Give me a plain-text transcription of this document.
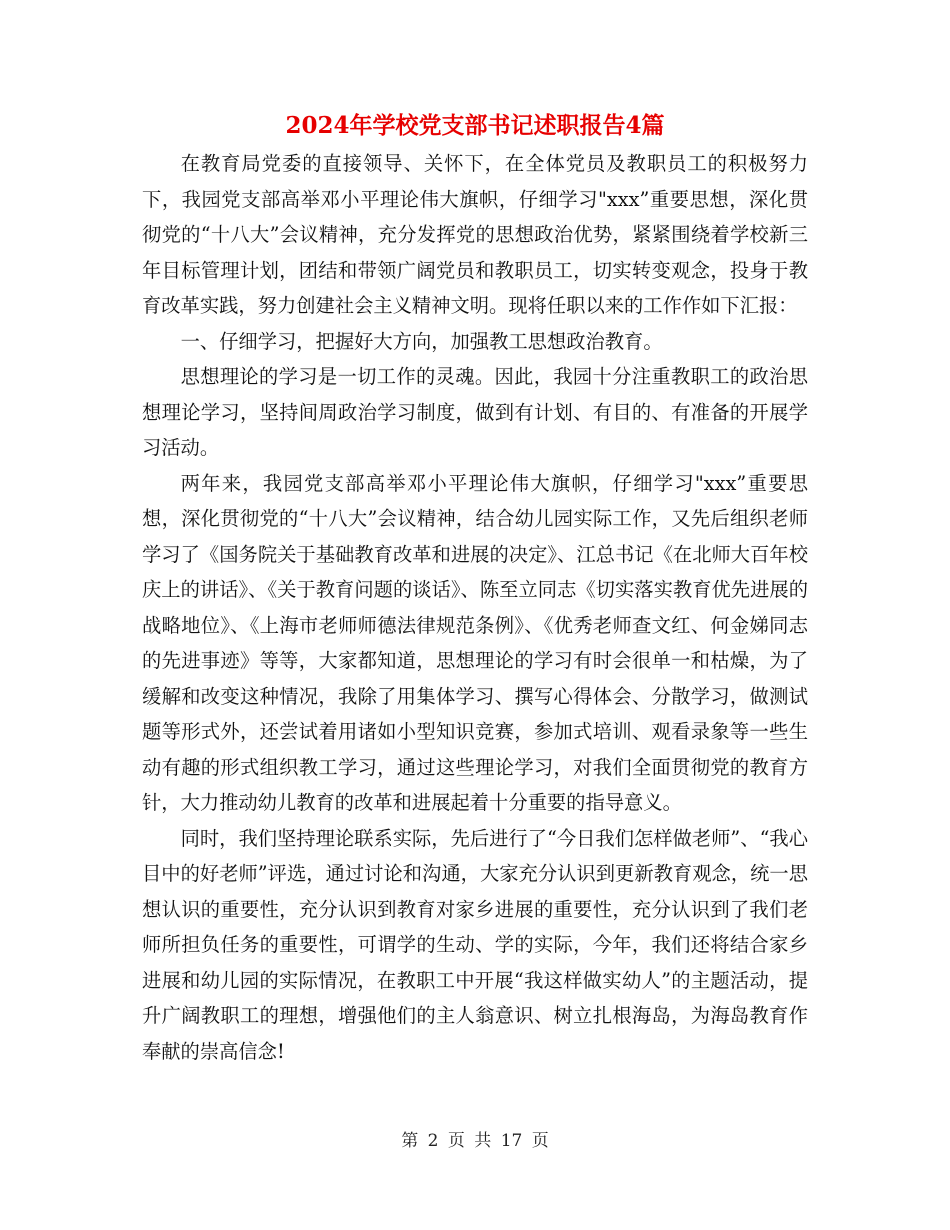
2024年学校党支部书记述职报告4篇

在教育局党委的直接领导、关怀下，在全体党员及教职员工的积极努力下，我园党支部高举邓小平理论伟大旗帜，仔细学习"xxx”重要思想，深化贯彻党的“十八大”会议精神，充分发挥党的思想政治优势，紧紧围绕着学校新三年目标管理计划，团结和带领广阔党员和教职员工，切实转变观念，投身于教育改革实践，努力创建社会主义精神文明。现将任职以来的工作作如下汇报：

一、仔细学习，把握好大方向，加强教工思想政治教育。

思想理论的学习是一切工作的灵魂。因此，我园十分注重教职工的政治思想理论学习，坚持间周政治学习制度，做到有计划、有目的、有准备的开展学习活动。

两年来，我园党支部高举邓小平理论伟大旗帜，仔细学习"xxx”重要思想，深化贯彻党的“十八大”会议精神，结合幼儿园实际工作，又先后组织老师学习了《国务院关于基础教育改革和进展的决定》、江总书记《在北师大百年校庆上的讲话》、《关于教育问题的谈话》、陈至立同志《切实落实教育优先进展的战略地位》、《上海市老师师德法律规范条例》、《优秀老师查文红、何金娣同志的先进事迹》等等，大家都知道，思想理论的学习有时会很单一和枯燥，为了缓解和改变这种情况，我除了用集体学习、撰写心得体会、分散学习，做测试题等形式外，还尝试着用诸如小型知识竞赛，参加式培训、观看录象等一些生动有趣的形式组织教工学习，通过这些理论学习，对我们全面贯彻党的教育方针，大力推动幼儿教育的改革和进展起着十分重要的指导意义。

同时，我们坚持理论联系实际，先后进行了“今日我们怎样做老师”、“我心目中的好老师”评选，通过讨论和沟通，大家充分认识到更新教育观念，统一思想认识的重要性，充分认识到教育对家乡进展的重要性，充分认识到了我们老师所担负任务的重要性，可谓学的生动、学的实际，今年，我们还将结合家乡进展和幼儿园的实际情况，在教职工中开展“我这样做实幼人”的主题活动，提升广阔教职工的理想，增强他们的主人翁意识、树立扎根海岛，为海岛教育作奉献的崇高信念!

第 2 页 共 17 页
